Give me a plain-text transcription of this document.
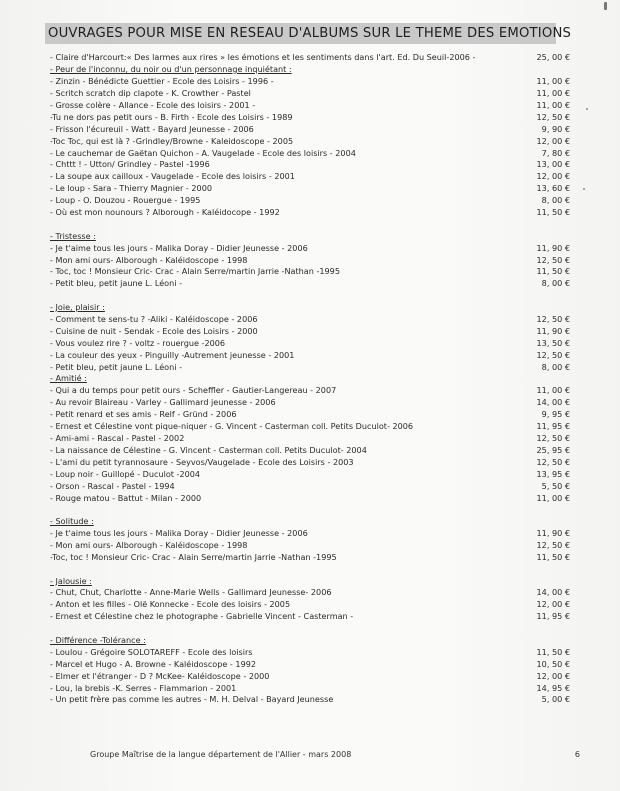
OUVRAGES POUR MISE EN RESEAU D'ALBUMS SUR LE THEME DES EMOTIONS
- Claire d'Harcourt:« Des larmes aux rires » les émotions et les sentiments dans l'art. Ed. Du Seuil-2006 -	25, 00 €
- Peur de l'inconnu, du noir ou d'un personnage inquiétant :
- Zinzin - Bénédicte Guettier - Ecole des Loisirs - 1996 -	11, 00 €
- Scritch scratch dip clapote - K. Crowther - Pastel	11, 00 €
- Grosse colère - Allance - Ecole des loisirs - 2001 -	11, 00 €
-Tu ne dors pas petit ours - B. Firth - Ecole des Loisirs - 1989	12, 50 €
- Frisson l'écureuil - Watt - Bayard Jeunesse - 2006	9, 90 €
-Toc Toc, qui est là ? -Grindley/Browne - Kaleidoscope - 2005	12, 00 €
- Le cauchemar de Gaëtan Quichon - A. Vaugelade - Ecole des loisirs - 2004	7, 80 €
- Chttt ! - Utton/ Grindley - Pastel -1996	13, 00 €
- La soupe aux cailloux - Vaugelade - Ecole des loisirs - 2001	12, 00 €
- Le loup - Sara - Thierry Magnier - 2000	13, 60 €
- Loup - O. Douzou - Rouergue - 1995	8, 00 €
- Où est mon nounours ? Alborough - Kaléidocope - 1992	11, 50 €
- Tristesse :
- Je t'aime tous les jours - Malika Doray - Didier Jeunesse - 2006	11, 90 €
- Mon ami ours- Alborough - Kaléidoscope - 1998	12, 50 €
- Toc, toc ! Monsieur Cric- Crac - Alain Serre/martin Jarrie -Nathan -1995	11, 50 €
- Petit bleu, petit jaune L. Léoni -	8, 00 €
- Joie, plaisir :
- Comment te sens-tu ? -Aliki - Kaléidoscope - 2006	12, 50 €
- Cuisine de nuit - Sendak - Ecole des Loisirs - 2000	11, 90 €
- Vous voulez rire ? - voltz - rouergue -2006	13, 50 €
- La couleur des yeux - Pinguilly -Autrement jeunesse - 2001	12, 50 €
- Petit bleu, petit jaune L. Léoni -	8, 00 €
- Amitié :
- Qui a du temps pour petit ours - Scheffler - Gautier-Langereau - 2007	11, 00 €
- Au revoir Blaireau - Varley - Gallimard jeunesse - 2006	14, 00 €
- Petit renard et ses amis - Relf - Gründ - 2006	9, 95 €
- Ernest et Célestine vont pique-niquer - G. Vincent - Casterman coll. Petits Duculot- 2006	11, 95 €
- Ami-ami - Rascal - Pastel - 2002	12, 50 €
- La naissance de Célestine - G. Vincent - Casterman coll. Petits Duculot- 2004	25, 95 €
- L'ami du petit tyrannosaure - Seyvos/Vaugelade - Ecole des Loisirs - 2003	12, 50 €
- Loup noir - Guillopé - Duculot -2004	13, 95 €
- Orson - Rascal - Pastel - 1994	5, 50 €
- Rouge matou - Battut - Milan - 2000	11, 00 €
- Solitude :
- Je t'aime tous les jours - Malika Doray - Didier Jeunesse - 2006	11, 90 €
- Mon ami ours- Alborough - Kaléidoscope - 1998	12, 50 €
-Toc, toc ! Monsieur Cric- Crac - Alain Serre/martin Jarrie -Nathan -1995	11, 50 €
- Jalousie :
- Chut, Chut, Charlotte - Anne-Marie Wells - Gallimard Jeunesse- 2006	14, 00 €
- Anton et les filles - Olë Konnecke - Ecole des loisirs - 2005	12, 00 €
- Ernest et Célestine chez le photographe - Gabrielle Vincent - Casterman -	11, 95 €
- Différence -Tolérance :
- Loulou - Grégoire SOLOTAREFF - Ecole des loisirs	11, 50 €
- Marcel et Hugo - A. Browne - Kaléidoscope - 1992	10, 50 €
- Elmer et l'étranger - D ? McKee- Kaléidoscope - 2000	12, 00 €
- Lou, la brebis -K. Serres - Flammarion - 2001	14, 95 €
- Un petit frère pas comme les autres - M. H. Delval - Bayard Jeunesse	5, 00 €
Groupe Maîtrise de la langue département de l'Allier - mars 2008	6
